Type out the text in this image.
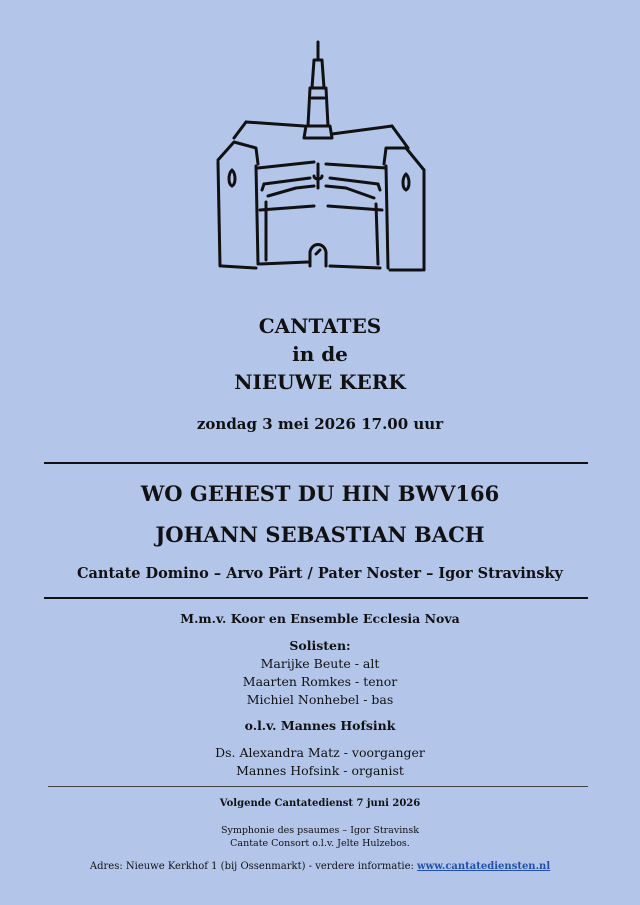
CANTATES
in de
NIEUWE KERK
zondag 3 mei 2026 17.00 uur
WO GEHEST DU HIN BWV166
JOHANN SEBASTIAN BACH
Cantate Domino – Arvo Pärt / Pater Noster – Igor Stravinsky
M.m.v. Koor en Ensemble Ecclesia Nova
Solisten:
Marijke Beute - alt
Maarten Romkes - tenor
Michiel Nonhebel - bas
o.l.v. Mannes Hofsink
Ds. Alexandra Matz - voorganger
Mannes Hofsink - organist
Volgende Cantatedienst 7 juni 2026
Symphonie des psaumes – Igor Stravinsk
Cantate Consort o.l.v. Jelte Hulzebos.
Adres: Nieuwe Kerkhof 1 (bij Ossenmarkt) - verdere informatie: www.cantatediensten.nl
